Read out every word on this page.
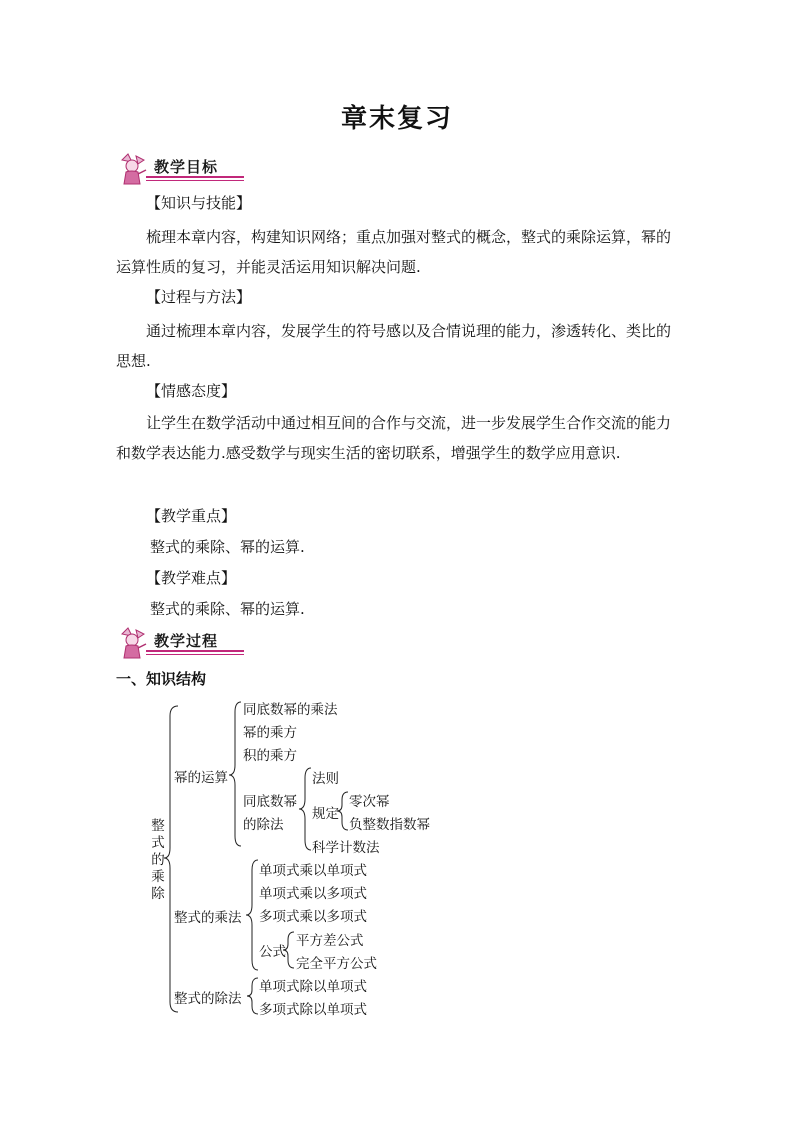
章末复习
教学目标
【知识与技能】
梳理本章内容，构建知识网络；重点加强对整式的概念，整式的乘除运算，幂的运算性质的复习，并能灵活运用知识解决问题.
【过程与方法】
通过梳理本章内容，发展学生的符号感以及合情说理的能力，渗透转化、类比的思想.
【情感态度】
让学生在数学活动中通过相互间的合作与交流，进一步发展学生合作交流的能力和数学表达能力.感受数学与现实生活的密切联系，增强学生的数学应用意识.
【教学重点】
整式的乘除、幂的运算.
【教学难点】
整式的乘除、幂的运算.
教学过程
一、知识结构
整式的乘除
幂的运算
同底数幂的乘法
幂的乘方
积的乘方
同底数幂
的除法
法则
规定
零次幂
负整数指数幂
科学计数法
整式的乘法
单项式乘以单项式
单项式乘以多项式
多项式乘以多项式
公式
平方差公式
完全平方公式
整式的除法
单项式除以单项式
多项式除以单项式
